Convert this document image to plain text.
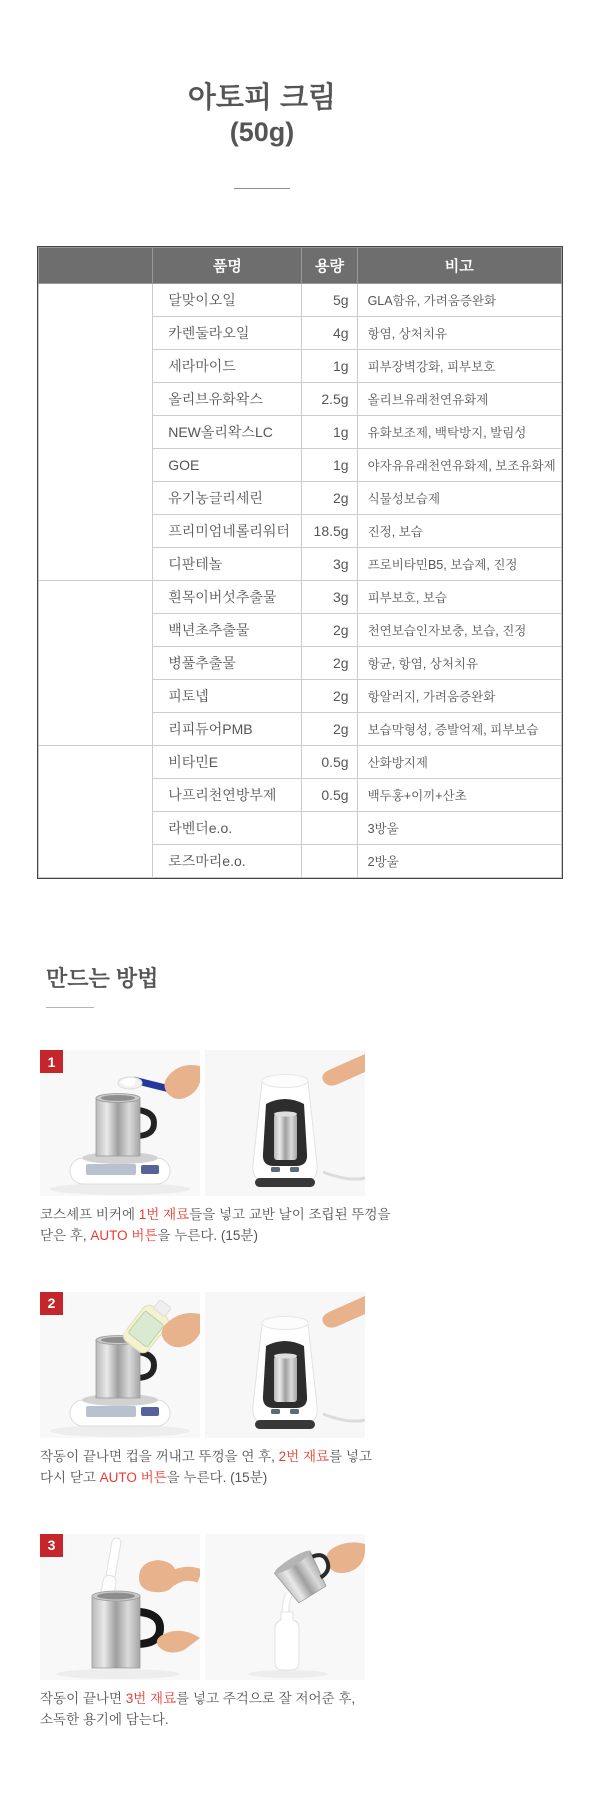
아토피 크림
(50g)
	품명	용량	비고
1. Auto	달맞이오일	5g	GLA함유, 가려움증완화
	카렌둘라오일	4g	항염, 상처치유
	세라마이드	1g	피부장벽강화, 피부보호
	올리브유화왁스	2.5g	올리브유래천연유화제
	NEW올리왁스LC	1g	유화보조제, 백탁방지, 발림성
	GOE	1g	야자유유래천연유화제, 보조유화제
	유기농글리세린	2g	식물성보습제
	프리미엄네롤리워터	18.5g	진정, 보습
	디판테놀	3g	프로비타민B5, 보습제, 진정
2. Auto	흰목이버섯추출물	3g	피부보호, 보습
	백년초추출물	2g	천연보습인자보충, 보습, 진정
	병풀추출물	2g	항균, 항염, 상처치유
	피토넵	2g	항알러지, 가려움증완화
	리피듀어PMB	2g	보습막형성, 증발억제, 피부보습
3	비타민E	0.5g	산화방지제
	나프리천연방부제	0.5g	백두홍+이끼+산초
	라벤더e.o.		3방울
	로즈마리e.o.		2방울
만드는 방법
1
코스셰프 비커에 1번 재료들을 넣고 교반 날이 조립된 뚜껑을
닫은 후, AUTO 버튼을 누른다. (15분)
2
작동이 끝나면 컵을 꺼내고 뚜껑을 연 후, 2번 재료를 넣고
다시 닫고 AUTO 버튼을 누른다. (15분)
3
작동이 끝나면 3번 재료를 넣고 주걱으로 잘 저어준 후,
소독한 용기에 담는다.
